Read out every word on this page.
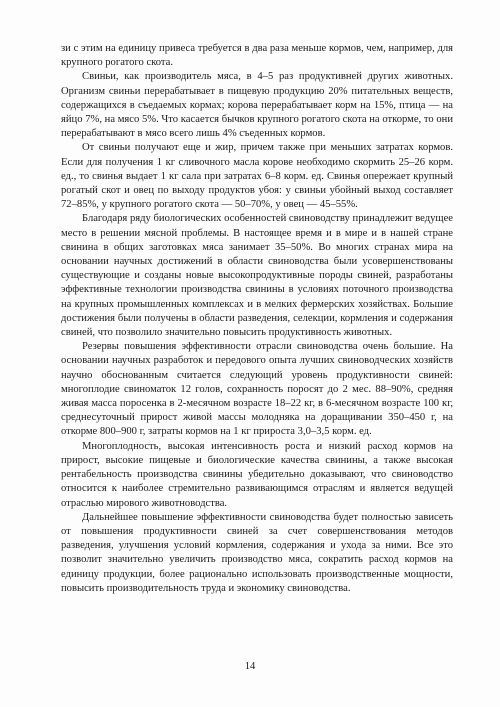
зи с этим на единицу привеса требуется в два раза меньше кормов, чем, например, для крупного рогатого скота.

Свиньи, как производитель мяса, в 4–5 раз продуктивней других животных. Организм свиньи перерабатывает в пищевую продукцию 20% питательных веществ, содержащихся в съедаемых кормах; корова перерабатывает корм на 15%, птица — на яйцо 7%, на мясо 5%. Что касается бычков крупного рогатого скота на откорме, то они перерабатывают в мясо всего лишь 4% съеденных кормов.

От свиньи получают еще и жир, причем также при меньших затратах кормов. Если для получения 1 кг сливочного масла корове необходимо скормить 25–26 корм. ед., то свинья выдает 1 кг сала при затратах 6–8 корм. ед. Свинья опережает крупный рогатый скот и овец по выходу продуктов убоя: у свиньи убойный выход составляет 72–85%, у крупного рогатого скота — 50–70%, у овец — 45–55%.

Благодаря ряду биологических особенностей свиноводству принадлежит ведущее место в решении мясной проблемы. В настоящее время и в мире и в нашей стране свинина в общих заготовках мяса занимает 35–50%. Во многих странах мира на основании научных достижений в области свиноводства были усовершенствованы существующие и созданы новые высокопродуктивные породы свиней, разработаны эффективные технологии производства свинины в условиях поточного производства на крупных промышленных комплексах и в мелких фермерских хозяйствах. Большие достижения были получены в области разведения, селекции, кормления и содержания свиней, что позволило значительно повысить продуктивность животных.

Резервы повышения эффективности отрасли свиноводства очень большие. На основании научных разработок и передового опыта лучших свиноводческих хозяйств научно обоснованным считается следующий уровень продуктивности свиней: многоплодие свиноматок 12 голов, сохранность поросят до 2 мес. 88–90%, средняя живая масса поросенка в 2-месячном возрасте 18–22 кг, в 6-месячном возрасте 100 кг, среднесуточный прирост живой массы молодняка на доращивании 350–450 г, на откорме 800–900 г, затраты кормов на 1 кг прироста 3,0–3,5 корм. ед.

Многоплодность, высокая интенсивность роста и низкий расход кормов на прирост, высокие пищевые и биологические качества свинины, а также высокая рентабельность производства свинины убедительно доказывают, что свиноводство относится к наиболее стремительно развивающимся отраслям и является ведущей отраслью мирового животноводства.

Дальнейшее повышение эффективности свиноводства будет полностью зависеть от повышения продуктивности свиней за счет совершенствования методов разведения, улучшения условий кормления, содержания и ухода за ними. Все это позволит значительно увеличить производство мяса, сократить расход кормов на единицу продукции, более рационально использовать производственные мощности, повысить производительность труда и экономику свиноводства.

14
